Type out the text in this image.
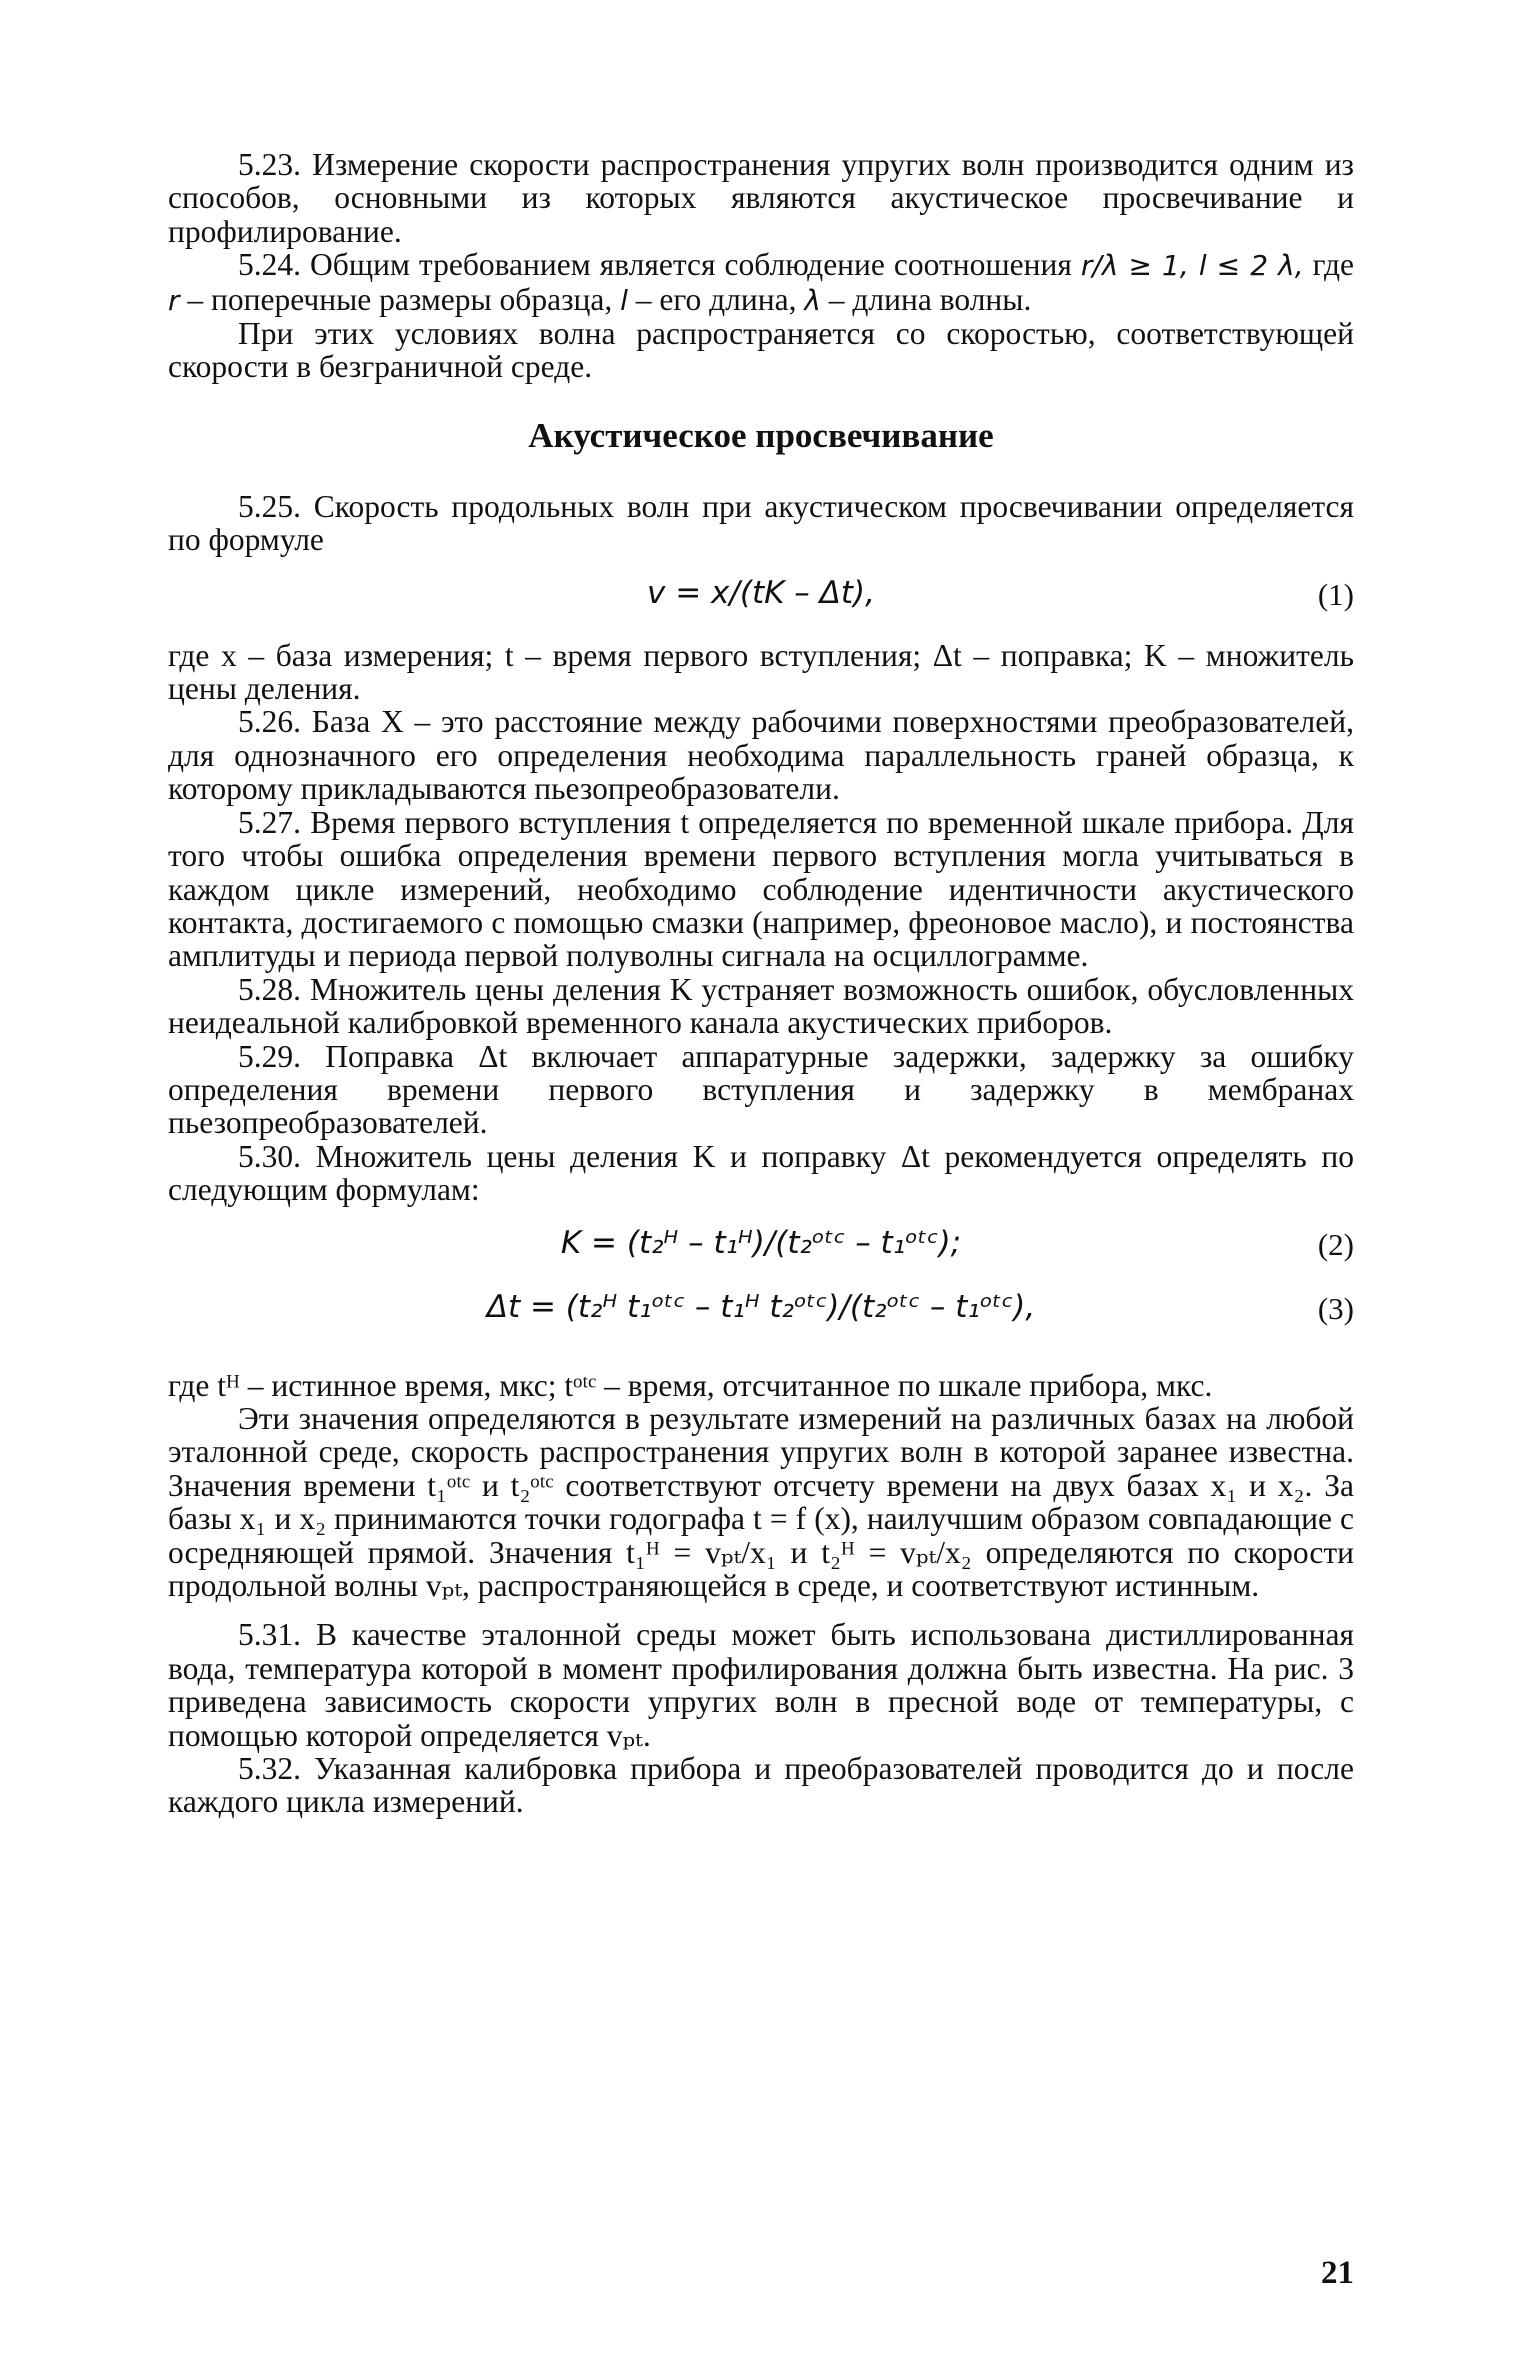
5.23. Измерение скорости распространения упругих волн производится одним из способов, основными из которых являются акустическое просвечивание и профилирование.

5.24. Общим требованием является соблюдение соотношения r/λ ≥ 1, l ≤ 2 λ, где r – поперечные размеры образца, l – его длина, λ – длина волны.

При этих условиях волна распространяется со скоростью, соответствующей скорости в безграничной среде.

Акустическое просвечивание

5.25. Скорость продольных волн при акустическом просвечивании определяется по формуле

v = x/(tK – Δt),	(1)

где x – база измерения; t – время первого вступления; Δt – поправка; K – множитель цены деления.

5.26. База X – это расстояние между рабочими поверхностями преобразователей, для однозначного его определения необходима параллельность граней образца, к которому прикладываются пьезопреобразователи.

5.27. Время первого вступления t определяется по временной шкале прибора. Для того чтобы ошибка определения времени первого вступления могла учитываться в каждом цикле измерений, необходимо соблюдение идентичности акустического контакта, достигаемого с помощью смазки (например, фреоновое масло), и постоянства амплитуды и периода первой полуволны сигнала на осциллограмме.

5.28. Множитель цены деления K устраняет возможность ошибок, обусловленных неидеальной калибровкой временного канала акустических приборов.

5.29. Поправка Δt включает аппаратурные задержки, задержку за ошибку определения времени первого вступления и задержку в мембранах пьезопреобразователей.

5.30. Множитель цены деления K и поправку Δt рекомендуется определять по следующим формулам:

K = (t₂ᴴ – t₁ᴴ)/(t₂ᵒᵗᶜ – t₁ᵒᵗᶜ);	(2)
Δt = (t₂ᴴ t₁ᵒᵗᶜ – t₁ᴴ t₂ᵒᵗᶜ)/(t₂ᵒᵗᶜ – t₁ᵒᵗᶜ),	(3)

где tᴴ – истинное время, мкс; tᵒᵗᶜ – время, отсчитанное по шкале прибора, мкс.

Эти значения определяются в результате измерений на различных базах на любой эталонной среде, скорость распространения упругих волн в которой заранее известна. Значения времени t₁ᵒᵗᶜ и t₂ᵒᵗᶜ соответствуют отсчету времени на двух базах x₁ и x₂. За базы x₁ и x₂ принимаются точки годографа t = f (x), наилучшим образом совпадающие с осредняющей прямой. Значения t₁ᴴ = vₚₜ/x₁ и t₂ᴴ = vₚₜ/x₂ определяются по скорости продольной волны vₚₜ, распространяющейся в среде, и соответствуют истинным.

5.31. В качестве эталонной среды может быть использована дистиллированная вода, температура которой в момент профилирования должна быть известна. На рис. 3 приведена зависимость скорости упругих волн в пресной воде от температуры, с помощью которой определяется vₚₜ.

5.32. Указанная калибровка прибора и преобразователей проводится до и после каждого цикла измерений.

21
